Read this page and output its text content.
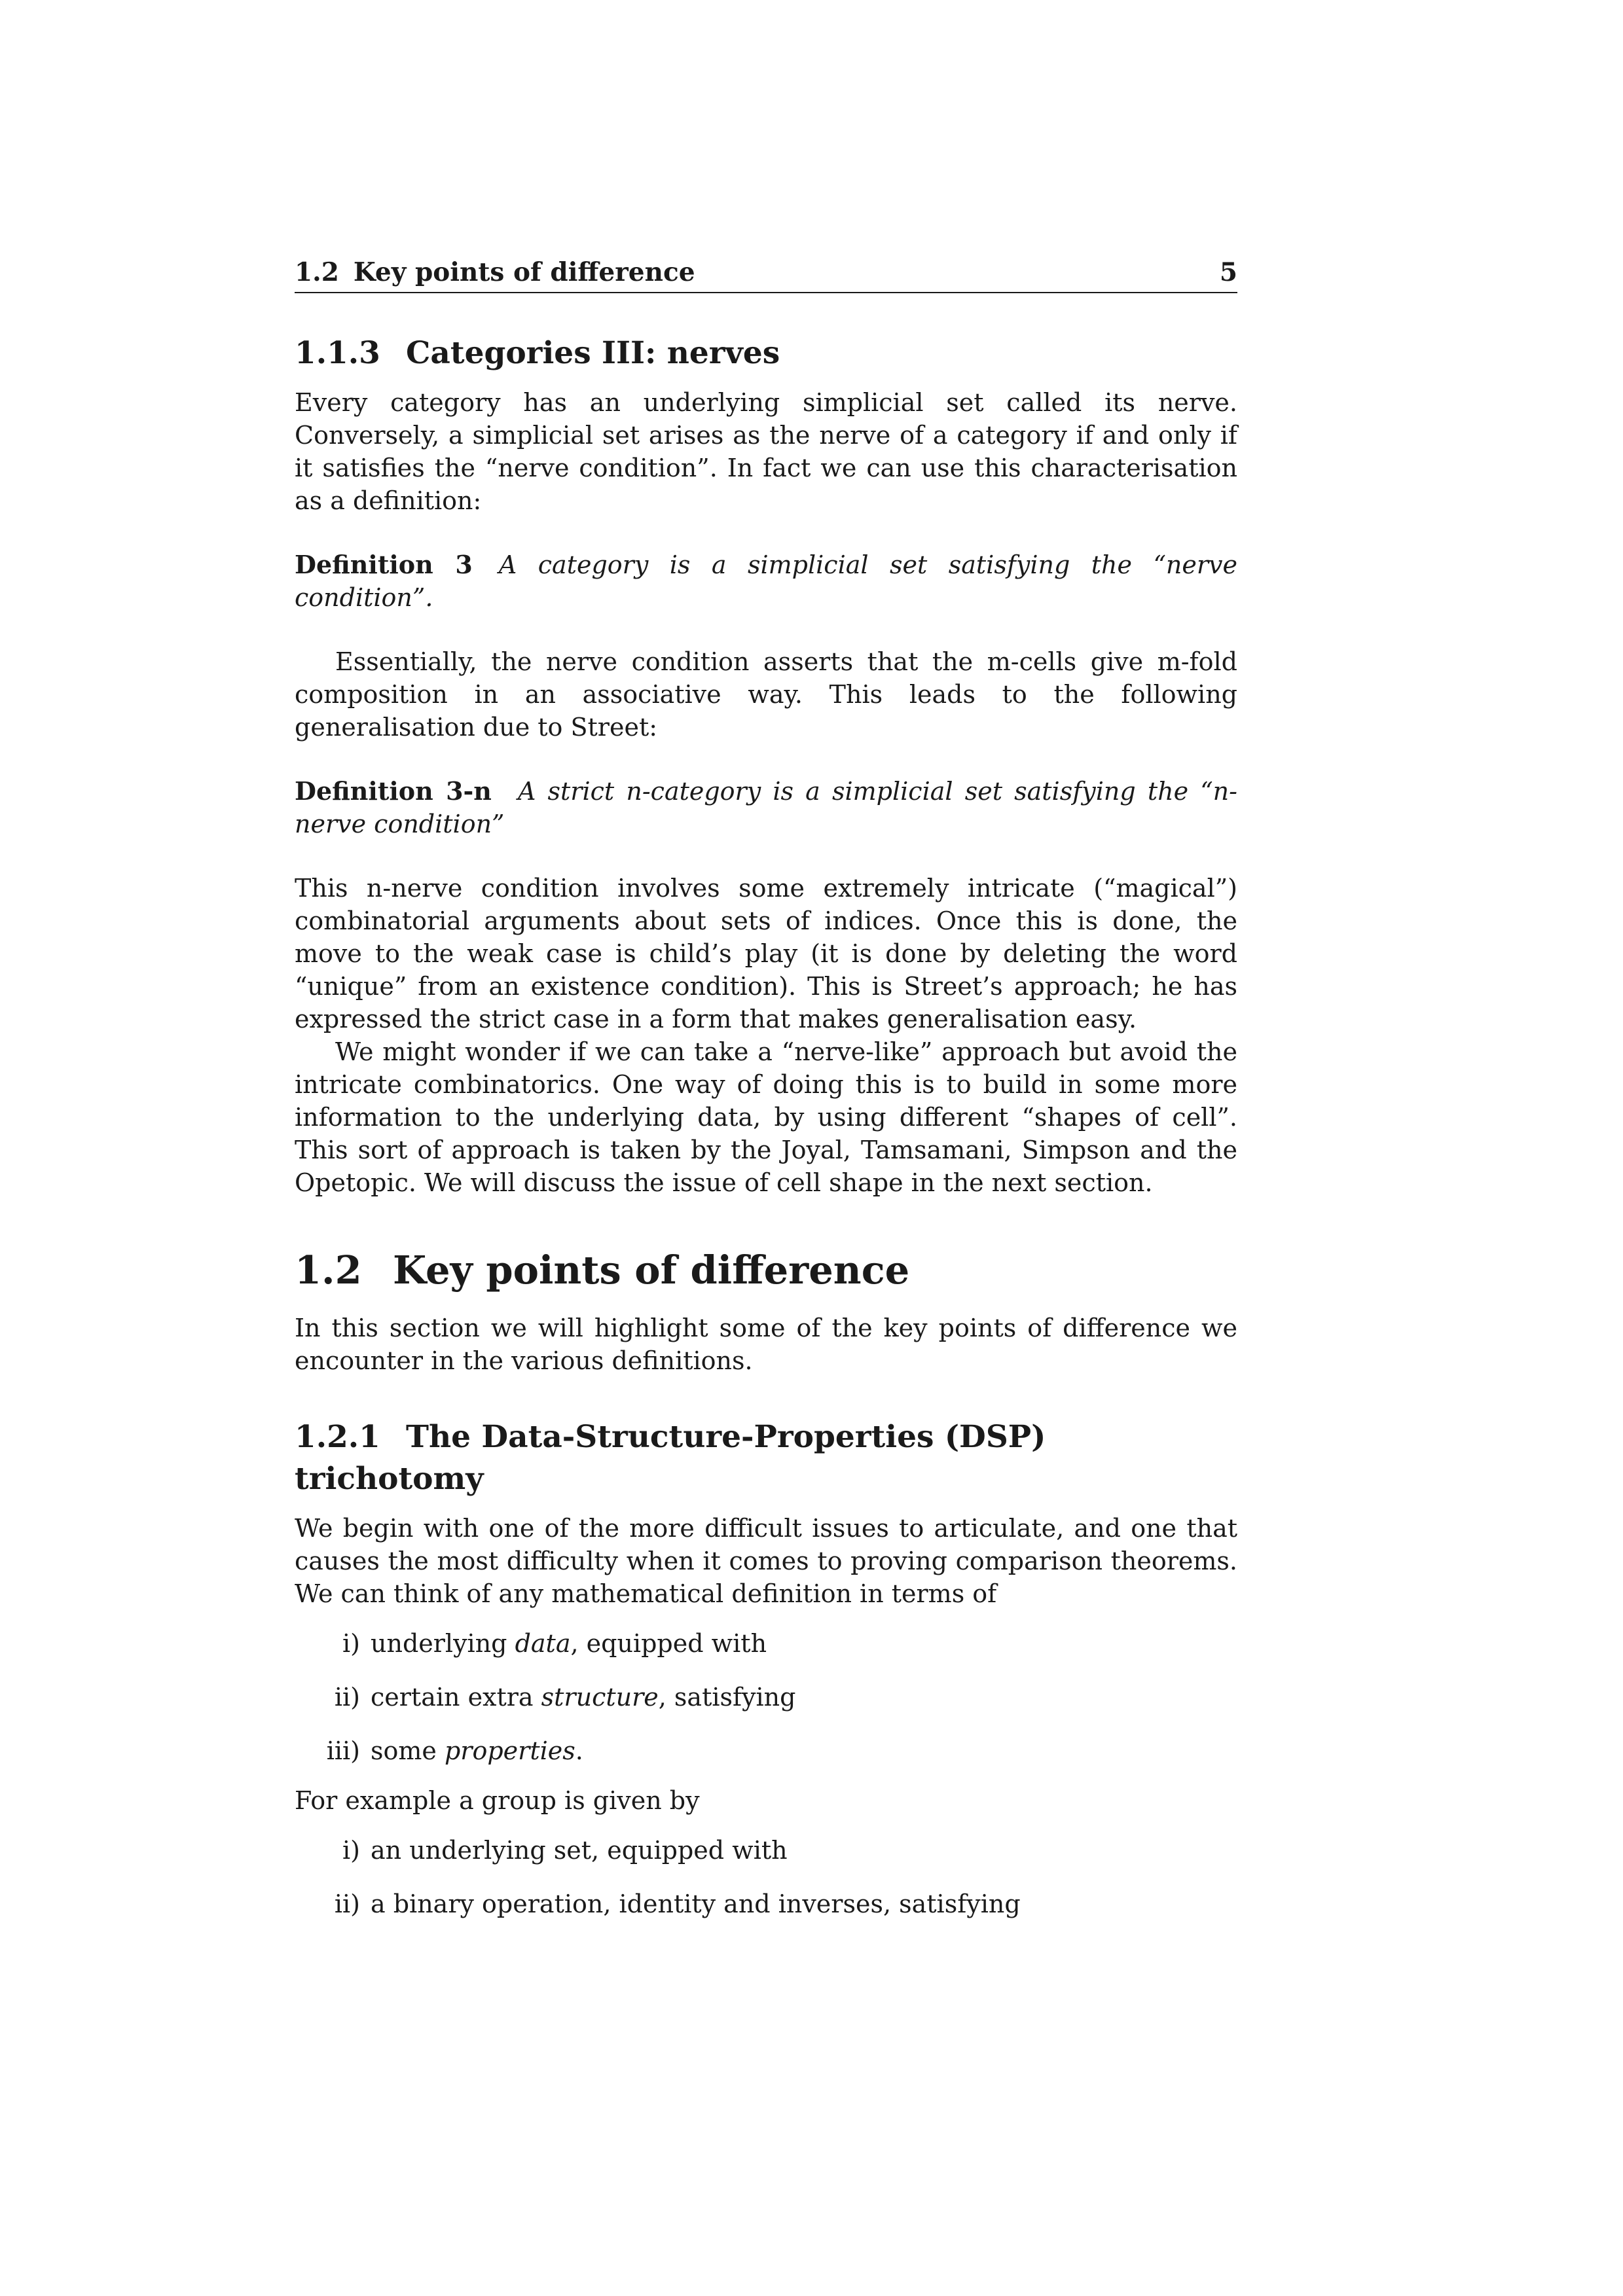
1.2 Key points of difference	5
1.1.3 Categories III: nerves

Every category has an underlying simplicial set called its nerve. Conversely, a simplicial set arises as the nerve of a category if and only if it satisfies the “nerve condition”. In fact we can use this characterisation as a definition:

Definition 3 A category is a simplicial set satisfying the “nerve condition”.

Essentially, the nerve condition asserts that the m-cells give m-fold composition in an associative way. This leads to the following generalisation due to Street:

Definition 3-n A strict n-category is a simplicial set satisfying the “n-nerve condition”

This n-nerve condition involves some extremely intricate (“magical”) combinatorial arguments about sets of indices. Once this is done, the move to the weak case is child’s play (it is done by deleting the word “unique” from an existence condition). This is Street’s approach; he has expressed the strict case in a form that makes generalisation easy.

We might wonder if we can take a “nerve-like” approach but avoid the intricate combinatorics. One way of doing this is to build in some more information to the underlying data, by using different “shapes of cell”. This sort of approach is taken by the Joyal, Tamsamani, Simpson and the Opetopic. We will discuss the issue of cell shape in the next section.

1.2 Key points of difference

In this section we will highlight some of the key points of difference we encounter in the various definitions.

1.2.1 The Data-Structure-Properties (DSP) trichotomy

We begin with one of the more difficult issues to articulate, and one that causes the most difficulty when it comes to proving comparison theorems. We can think of any mathematical definition in terms of

i) underlying data, equipped with
ii) certain extra structure, satisfying
iii) some properties.

For example a group is given by

i) an underlying set, equipped with
ii) a binary operation, identity and inverses, satisfying
